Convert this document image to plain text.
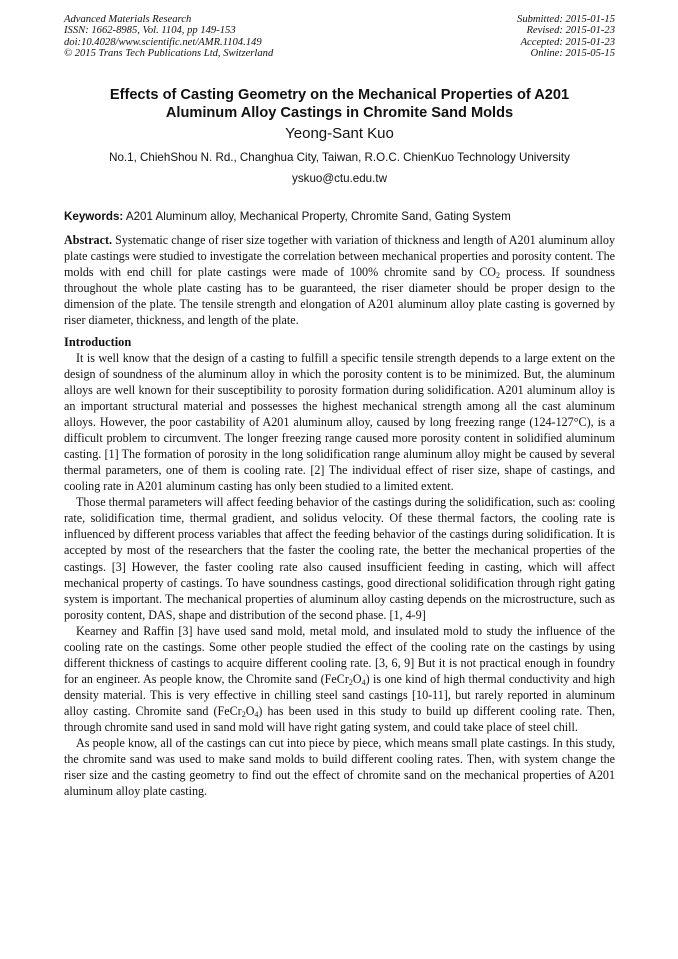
Advanced Materials Research
ISSN: 1662-8985, Vol. 1104, pp 149-153
doi:10.4028/www.scientific.net/AMR.1104.149
© 2015 Trans Tech Publications Ltd, Switzerland
Submitted: 2015-01-15
Revised: 2015-01-23
Accepted: 2015-01-23
Online: 2015-05-15
Effects of Casting Geometry on the Mechanical Properties of A201
Aluminum Alloy Castings in Chromite Sand Molds
Yeong-Sant Kuo
No.1, ChiehShou N. Rd., Changhua City, Taiwan, R.O.C. ChienKuo Technology University
yskuo@ctu.edu.tw
Keywords: A201 Aluminum alloy, Mechanical Property, Chromite Sand, Gating System
Abstract. Systematic change of riser size together with variation of thickness and length of A201 aluminum alloy plate castings were studied to investigate the correlation between mechanical properties and porosity content. The molds with end chill for plate castings were made of 100% chromite sand by $CO_2$ process. If soundness throughout the whole plate casting has to be guaranteed, the riser diameter should be proper design to the dimension of the plate. The tensile strength and elongation of A201 aluminum alloy plate casting is governed by riser diameter, thickness, and length of the plate.
Introduction

It is well know that the design of a casting to fulfill a specific tensile strength depends to a large extent on the design of soundness of the aluminum alloy in which the porosity content is to be minimized. But, the aluminum alloys are well known for their susceptibility to porosity formation during solidification. A201 aluminum alloy is an important structural material and possesses the highest mechanical strength among all the cast aluminum alloys. However, the poor castability of A201 aluminum alloy, caused by long freezing range (124-127°C), is a difficult problem to circumvent. The longer freezing range caused more porosity content in solidified aluminum casting. [1] The formation of porosity in the long solidification range aluminum alloy might be caused by several thermal parameters, one of them is cooling rate. [2] The individual effect of riser size, shape of castings, and cooling rate in A201 aluminum casting has only been studied to a limited extent.

Those thermal parameters will affect feeding behavior of the castings during the solidification, such as: cooling rate, solidification time, thermal gradient, and solidus velocity. Of these thermal factors, the cooling rate is influenced by different process variables that affect the feeding behavior of the castings during solidification. It is accepted by most of the researchers that the faster the cooling rate, the better the mechanical properties of the castings. [3] However, the faster cooling rate also caused insufficient feeding in casting, which will affect mechanical property of castings. To have soundness castings, good directional solidification through right gating system is important. The mechanical properties of aluminum alloy casting depends on the microstructure, such as porosity content, DAS, shape and distribution of the second phase. [1, 4-9]

Kearney and Raffin [3] have used sand mold, metal mold, and insulated mold to study the influence of the cooling rate on the castings. Some other people studied the effect of the cooling rate on the castings by using different thickness of castings to acquire different cooling rate. [3, 6, 9] But it is not practical enough in foundry for an engineer. As people know, the Chromite sand $(FeCr_2O_4)$ is one kind of high thermal conductivity and high density material. This is very effective in chilling steel sand castings [10-11], but rarely reported in aluminum alloy casting. Chromite sand $(FeCr_2O_4)$ has been used in this study to build up different cooling rate. Then, through chromite sand used in sand mold will have right gating system, and could take place of steel chill.

As people know, all of the castings can cut into piece by piece, which means small plate castings. In this study, the chromite sand was used to make sand molds to build different cooling rates. Then, with system change the riser size and the casting geometry to find out the effect of chromite sand on the mechanical properties of A201 aluminum alloy plate casting.
